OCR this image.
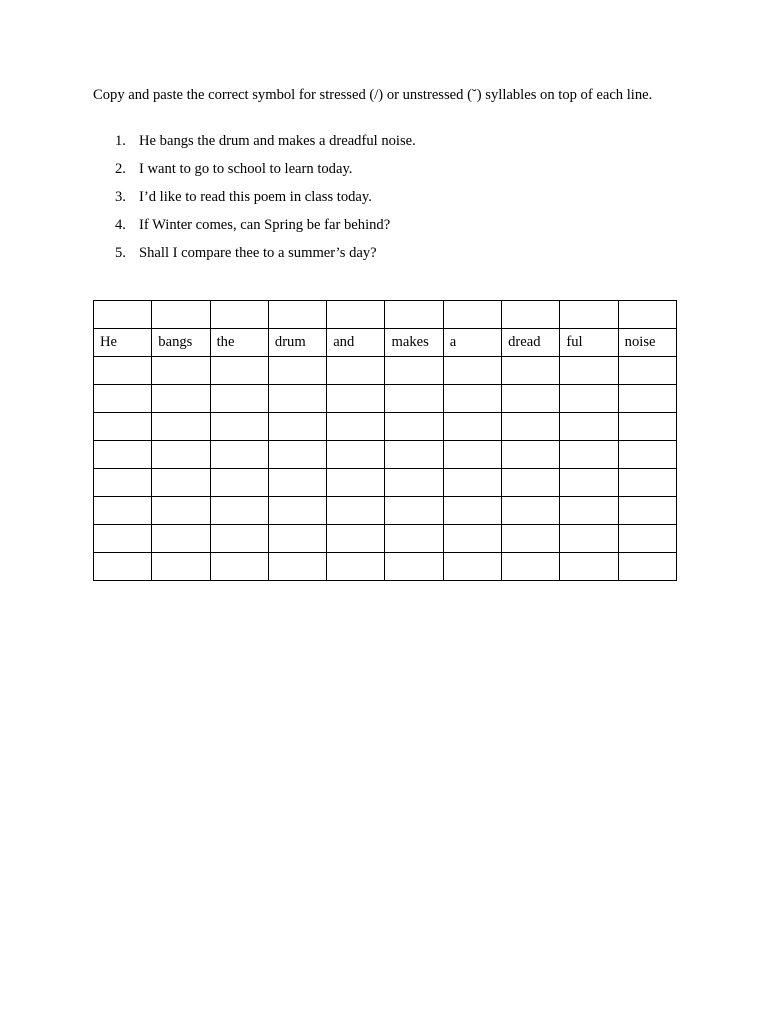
Copy and paste the correct symbol for stressed (/) or unstressed (˘) syllables on top of each line.

1. He bangs the drum and makes a dreadful noise.
2. I want to go to school to learn today.
3. I’d like to read this poem in class today.
4. If Winter comes, can Spring be far behind?
5. Shall I compare thee to a summer’s day?

He	bangs	the	drum	and	makes	a	dread	ful	noise
